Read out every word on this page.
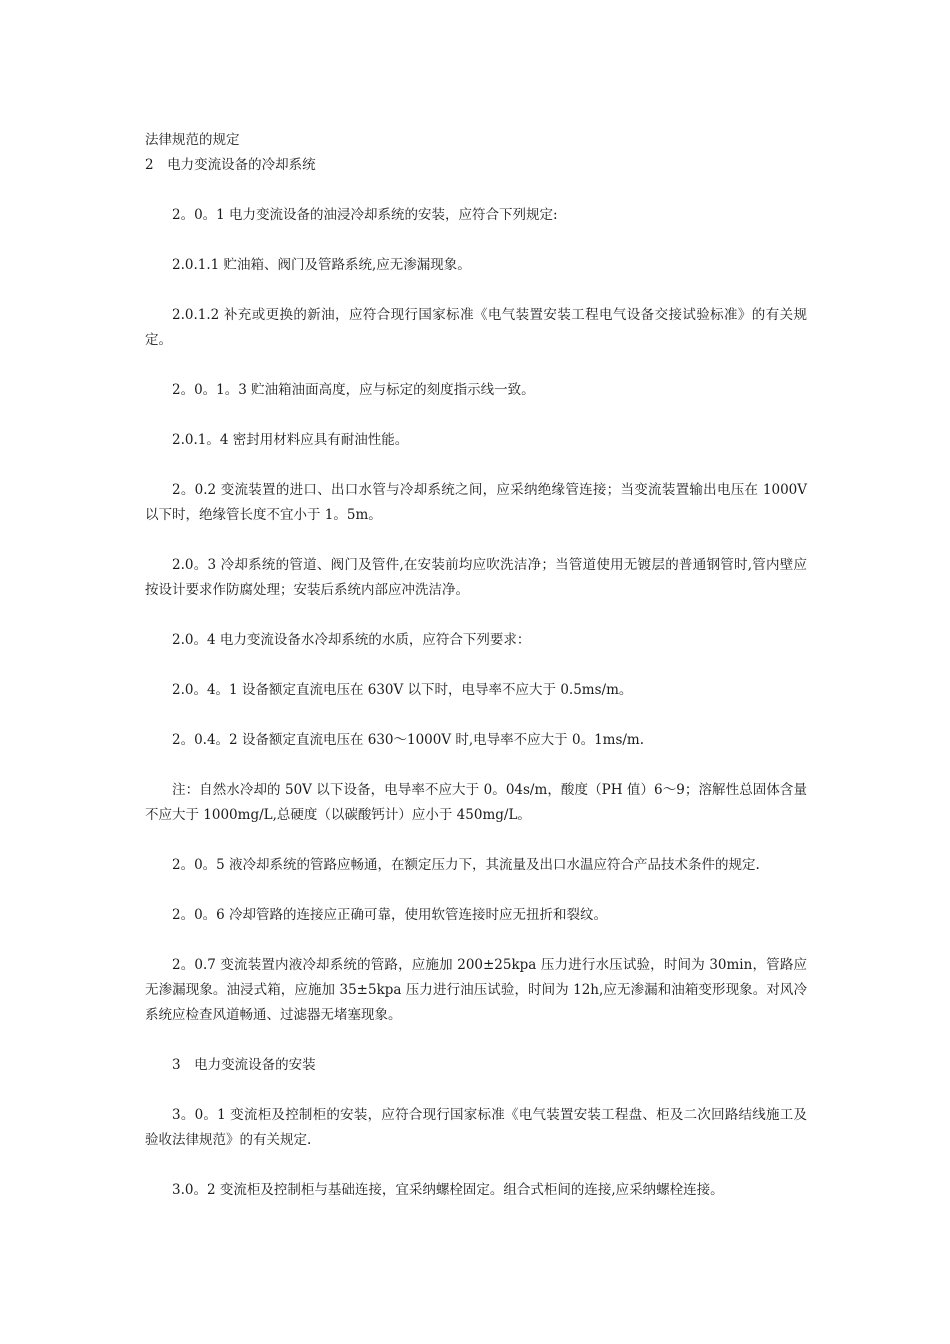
法律规范的规定

2　电力变流设备的冷却系统

2。0。1 电力变流设备的油浸冷却系统的安装，应符合下列规定:

2.0.1.1 贮油箱、阀门及管路系统,应无渗漏现象。

2.0.1.2 补充或更换的新油，应符合现行国家标准《电气装置安装工程电气设备交接试验标准》的有关规定。

2。0。1。3 贮油箱油面高度，应与标定的刻度指示线一致。

2.0.1。4 密封用材料应具有耐油性能。

2。0.2 变流装置的进口、出口水管与冷却系统之间，应采纳绝缘管连接；当变流装置输出电压在 1000V 以下时，绝缘管长度不宜小于 1。5m。

2.0。3 冷却系统的管道、阀门及管件,在安装前均应吹洗洁净；当管道使用无镀层的普通钢管时,管内壁应按设计要求作防腐处理；安装后系统内部应冲洗洁净。

2.0。4 电力变流设备水冷却系统的水质，应符合下列要求：

2.0。4。1 设备额定直流电压在 630V 以下时，电导率不应大于 0.5ms/m。

2。0.4。2 设备额定直流电压在 630～1000V 时,电导率不应大于 0。1ms/m.

注：自然水冷却的 50V 以下设备，电导率不应大于 0。04s/m，酸度（PH 值）6～9；溶解性总固体含量不应大于 1000mg/L,总硬度（以碳酸钙计）应小于 450mg/L。

2。0。5 液冷却系统的管路应畅通，在额定压力下，其流量及出口水温应符合产品技术条件的规定.

2。0。6 冷却管路的连接应正确可靠，使用软管连接时应无扭折和裂纹。

2。0.7 变流装置内液冷却系统的管路，应施加 200±25kpa 压力进行水压试验，时间为 30min，管路应无渗漏现象。油浸式箱，应施加 35±5kpa 压力进行油压试验，时间为 12h,应无渗漏和油箱变形现象。对风冷系统应检查风道畅通、过滤器无堵塞现象。

3　电力变流设备的安装

3。0。1 变流柜及控制柜的安装，应符合现行国家标准《电气装置安装工程盘、柜及二次回路结线施工及验收法律规范》的有关规定.

3.0。2 变流柜及控制柜与基础连接，宜采纳螺栓固定。组合式柜间的连接,应采纳螺栓连接。
